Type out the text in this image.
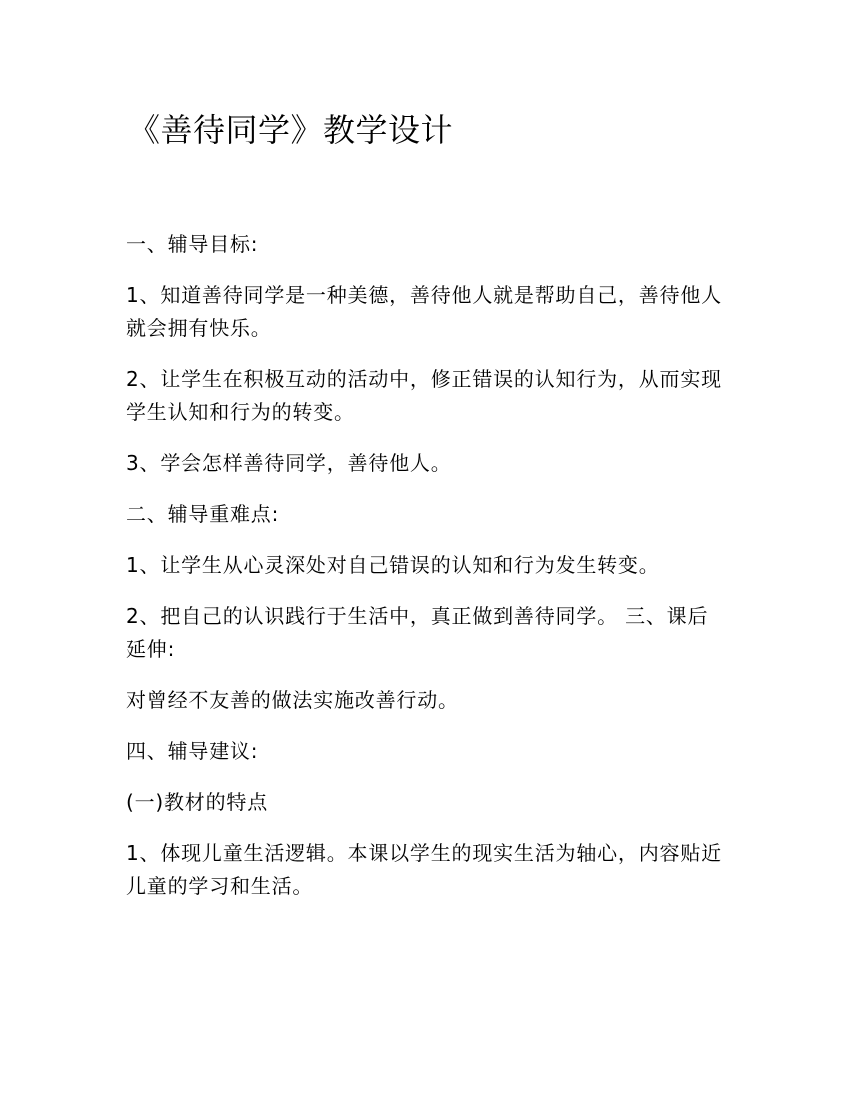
《善待同学》教学设计

一、辅导目标:

1、知道善待同学是一种美德，善待他人就是帮助自己，善待他人就会拥有快乐。

2、让学生在积极互动的活动中，修正错误的认知行为，从而实现学生认知和行为的转变。

3、学会怎样善待同学，善待他人。

二、辅导重难点:

1、让学生从心灵深处对自己错误的认知和行为发生转变。

2、把自己的认识践行于生活中，真正做到善待同学。 三、课后延伸:

对曾经不友善的做法实施改善行动。

四、辅导建议:

(一)教材的特点

1、体现儿童生活逻辑。本课以学生的现实生活为轴心，内容贴近儿童的学习和生活。
